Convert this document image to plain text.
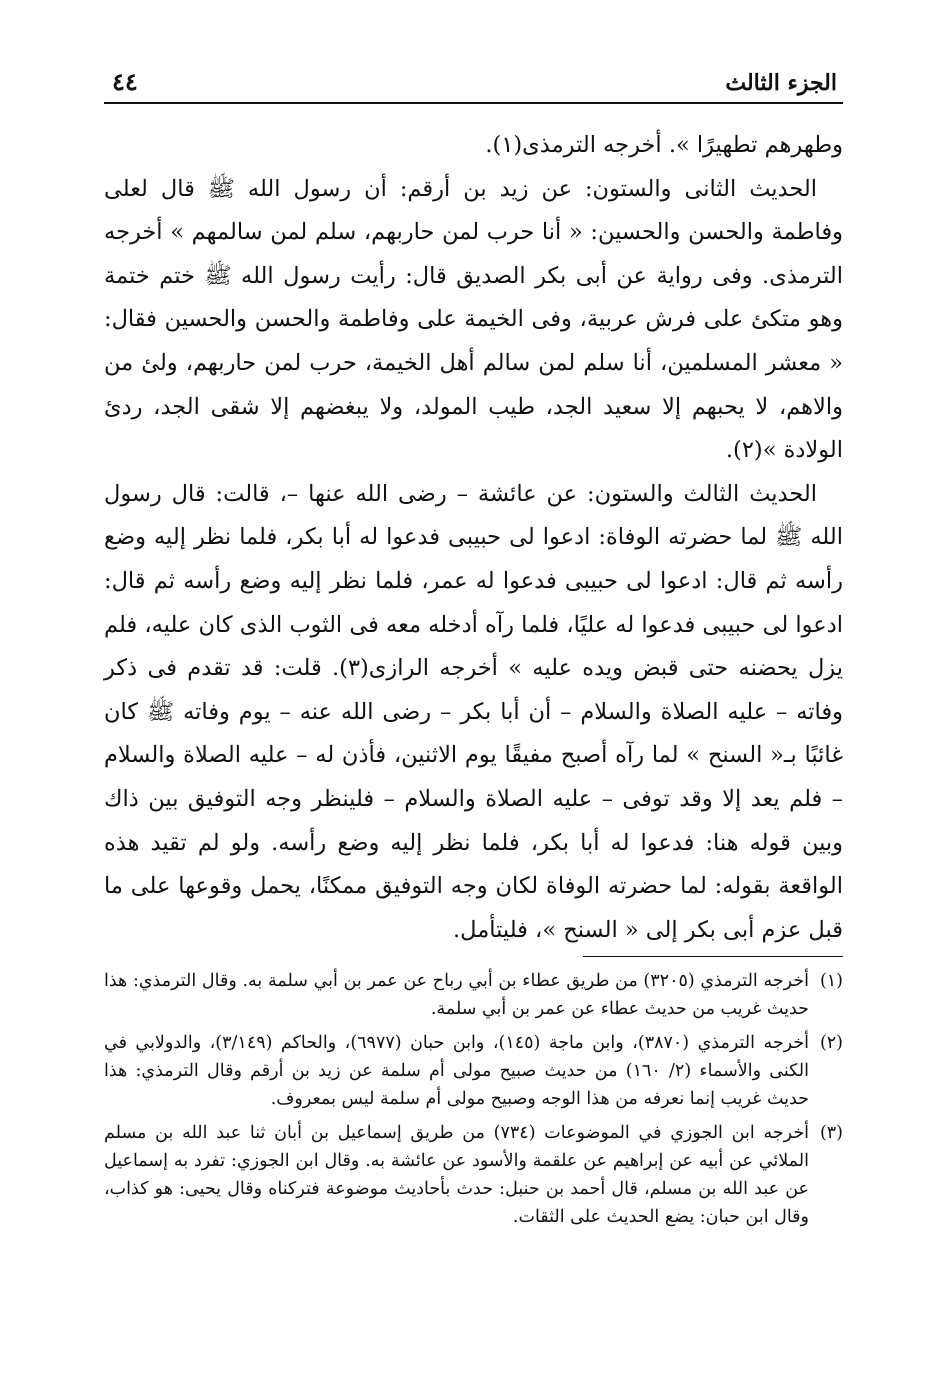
الجزء الثالث
٤٤

وطهرهم تطهيرًا ». أخرجه الترمذى(١).

الحديث الثانى والستون: عن زيد بن أرقم: أن رسول الله ﷺ قال لعلى وفاطمة والحسن والحسين: « أنا حرب لمن حاربهم، سلم لمن سالمهم » أخرجه الترمذى. وفى رواية عن أبى بكر الصديق قال: رأيت رسول الله ﷺ ختم ختمة وهو متكئ على فرش عربية، وفى الخيمة على وفاطمة والحسن والحسين فقال: « معشر المسلمين، أنا سلم لمن سالم أهل الخيمة، حرب لمن حاربهم، ولئ من والاهم، لا يحبهم إلا سعيد الجد، طيب المولد، ولا يبغضهم إلا شقى الجد، ردئ الولادة »(٢).

الحديث الثالث والستون: عن عائشة – رضى الله عنها –، قالت: قال رسول الله ﷺ لما حضرته الوفاة: ادعوا لى حبيبى فدعوا له أبا بكر، فلما نظر إليه وضع رأسه ثم قال: ادعوا لى حبيبى فدعوا له عمر، فلما نظر إليه وضع رأسه ثم قال: ادعوا لى حبيبى فدعوا له عليًا، فلما رآه أدخله معه فى الثوب الذى كان عليه، فلم يزل يحضنه حتى قبض ويده عليه » أخرجه الرازى(٣). قلت: قد تقدم فى ذكر وفاته – عليه الصلاة والسلام – أن أبا بكر – رضى الله عنه – يوم وفاته ﷺ كان غائبًا بـ« السنح » لما رآه أصبح مفيقًا يوم الاثنين، فأذن له – عليه الصلاة والسلام – فلم يعد إلا وقد توفى – عليه الصلاة والسلام – فلينظر وجه التوفيق بين ذاك وبين قوله هنا: فدعوا له أبا بكر، فلما نظر إليه وضع رأسه. ولو لم تقيد هذه الواقعة بقوله: لما حضرته الوفاة لكان وجه التوفيق ممكنًا، يحمل وقوعها على ما قبل عزم أبى بكر إلى « السنح »، فليتأمل.

(١)
أخرجه الترمذي (٣٢٠٥) من طريق عطاء بن أبي رباح عن عمر بن أبي سلمة به. وقال الترمذي: هذا حديث غريب من حديث عطاء عن عمر بن أبي سلمة.
(٢)
أخرجه الترمذي (٣٨٧٠)، وابن ماجة (١٤٥)، وابن حبان (٦٩٧٧)، والحاكم (٣/١٤٩)، والدولابي في الكنى والأسماء (٢/ ١٦٠) من حديث صبيح مولى أم سلمة عن زيد بن أرقم وقال الترمذي: هذا حديث غريب إنما نعرفه من هذا الوجه وصبيح مولى أم سلمة ليس بمعروف.
(٣)
أخرجه ابن الجوزي في الموضوعات (٧٣٤) من طريق إسماعيل بن أبان ثنا عبد الله بن مسلم الملائي عن أبيه عن إبراهيم عن علقمة والأسود عن عائشة به. وقال ابن الجوزي: تفرد به إسماعيل عن عبد الله بن مسلم، قال أحمد بن حنبل: حدث بأحاديث موضوعة فتركناه وقال يحيى: هو كذاب، وقال ابن حبان: يضع الحديث على الثقات.
